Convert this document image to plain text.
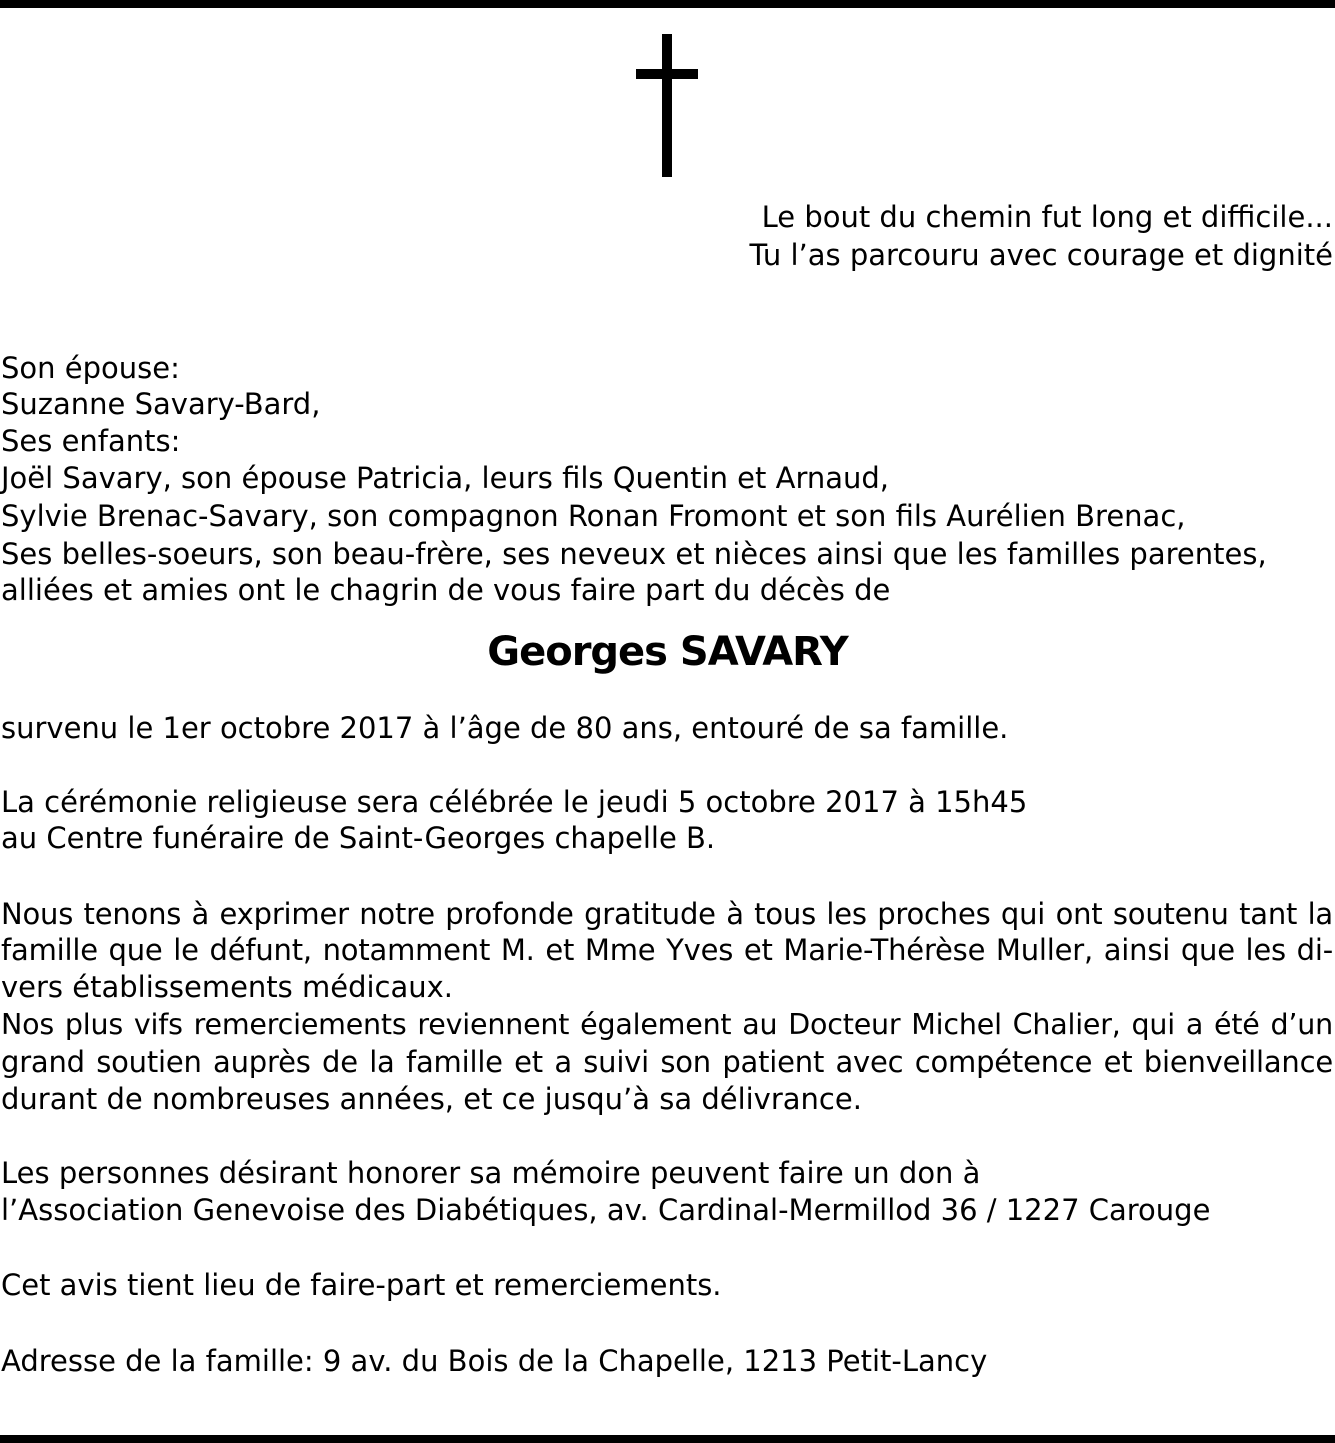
Le bout du chemin fut long et difficile...
Tu l’as parcouru avec courage et dignité
Son épouse:
Suzanne Savary-Bard,
Ses enfants:
Joël Savary, son épouse Patricia, leurs fils Quentin et Arnaud,
Sylvie Brenac-Savary, son compagnon Ronan Fromont et son fils Aurélien Brenac,
Ses belles-soeurs, son beau-frère, ses neveux et nièces ainsi que les familles parentes,
alliées et amies ont le chagrin de vous faire part du décès de
Georges SAVARY
survenu le 1er octobre 2017 à l’âge de 80 ans, entouré de sa famille.
La cérémonie religieuse sera célébrée le jeudi 5 octobre 2017 à 15h45
au Centre funéraire de Saint-Georges chapelle B.
Nous tenons à exprimer notre profonde gratitude à tous les proches qui ont soutenu tant la
famille que le défunt, notamment M. et Mme Yves et Marie-Thérèse Muller, ainsi que les di-
vers établissements médicaux.
Nos plus vifs remerciements reviennent également au Docteur Michel Chalier, qui a été d’un
grand soutien auprès de la famille et a suivi son patient avec compétence et bienveillance
durant de nombreuses années, et ce jusqu’à sa délivrance.
Les personnes désirant honorer sa mémoire peuvent faire un don à
l’Association Genevoise des Diabétiques, av. Cardinal-Mermillod 36 / 1227 Carouge
Cet avis tient lieu de faire-part et remerciements.
Adresse de la famille: 9 av. du Bois de la Chapelle, 1213 Petit-Lancy
